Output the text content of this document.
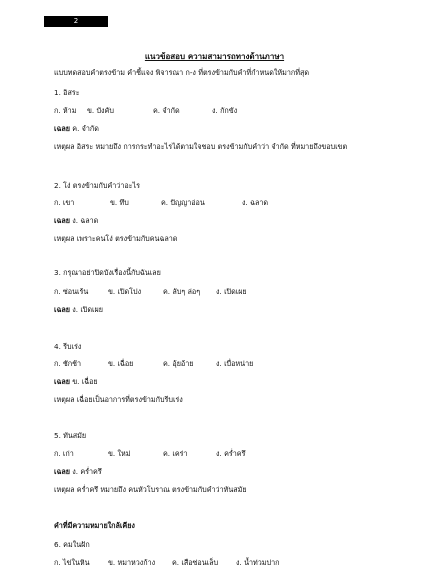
2
แนวข้อสอบ ความสามารถทางด้านภาษา
แบบทดสอบคำตรงข้าม คำชี้แจง พิจารณา ก-ง ที่ตรงข้ามกับคำที่กำหนดให้มากที่สุด
1. อิสระ
ก. ห้าม ข. บังคับ	ค. จำกัด	ง. กักขัง
เฉลย ค. จำกัด
เหตุผล อิสระ หมายถึง การกระทำอะไรได้ตามใจชอบ ตรงข้ามกับคำว่า จำกัด ที่หมายถึงขอบเขต
2. โง่ ตรงข้ามกับคำว่าอะไร
ก. เขา	ข. ทึบ	ค. ปัญญาอ่อน	ง. ฉลาด
เฉลย ง. ฉลาด
เหตุผล เพราะคนโง่ ตรงข้ามกับคนฉลาด
3. กรุณาอย่าปิดบังเรื่องนี้กับฉันเลย
ก. ซ่อนเร้น	ข. เปิดโปง	ค. ลับๆ ล่อๆ ง. เปิดเผย
เฉลย ง. เปิดเผย
4. รีบเร่ง
ก. ชักช้า	ข. เฉื่อย	ค. อุ้ยอ้าย	ง. เบื่อหน่าย
เฉลย ข. เฉื่อย
เหตุผล เฉื่อยเป็นอาการที่ตรงข้ามกับรีบเร่ง
5. ทันสมัย
ก. เก่า	ข. ใหม่	ค. เคร่า	ง. คร่ำครึ
เฉลย ง. คร่ำครึ
เหตุผล คร่ำครึ หมายถึง คนหัวโบราณ ตรงข้ามกับคำว่าทันสมัย
คำที่มีความหมายใกล้เคียง
6. คมในฝัก
ก. ไข่ในหิน	ข. หมาหวงก้าง ค. เสือซ่อนเล็บ ง. น้ำท่วมปาก
